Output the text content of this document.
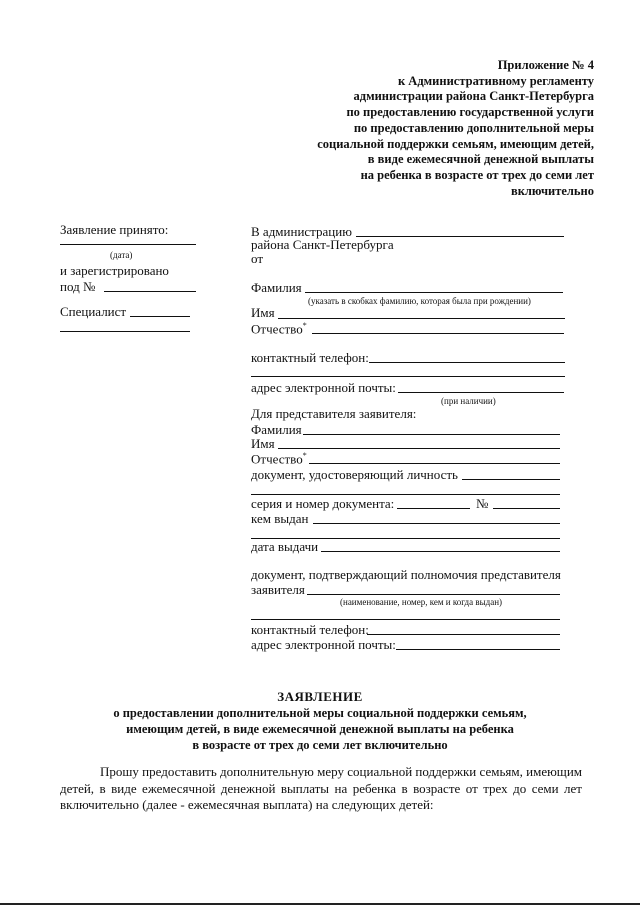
Приложение № 4
к Административному регламенту
администрации района Санкт-Петербурга
по предоставлению государственной услуги
по предоставлению дополнительной меры
социальной поддержки семьям, имеющим детей,
в виде ежемесячной денежной выплаты
на ребенка в возрасте от трех до семи лет
включительно
Заявление принято:
(дата)
и зарегистрировано
под №
Специалист
В администрацию
района Санкт-Петербурга
от
Фамилия
(указать в скобках фамилию, которая была при рождении)
Имя
Отчество*
контактный телефон:
адрес электронной почты:
(при наличии)
Для представителя заявителя:
Фамилия
Имя
Отчество*
документ, удостоверяющий личность
серия и номер документа:	№
кем выдан
дата выдачи
документ, подтверждающий полномочия представителя
заявителя
(наименование, номер, кем и когда выдан)
контактный телефон:
адрес электронной почты:
ЗАЯВЛЕНИЕ
о предоставлении дополнительной меры социальной поддержки семьям,
имеющим детей, в виде ежемесячной денежной выплаты на ребенка
в возрасте от трех до семи лет включительно

Прошу предоставить дополнительную меру социальной поддержки семьям, имеющим детей, в виде ежемесячной денежной выплаты на ребенка в возрасте от трех до семи лет включительно (далее - ежемесячная выплата) на следующих детей:
